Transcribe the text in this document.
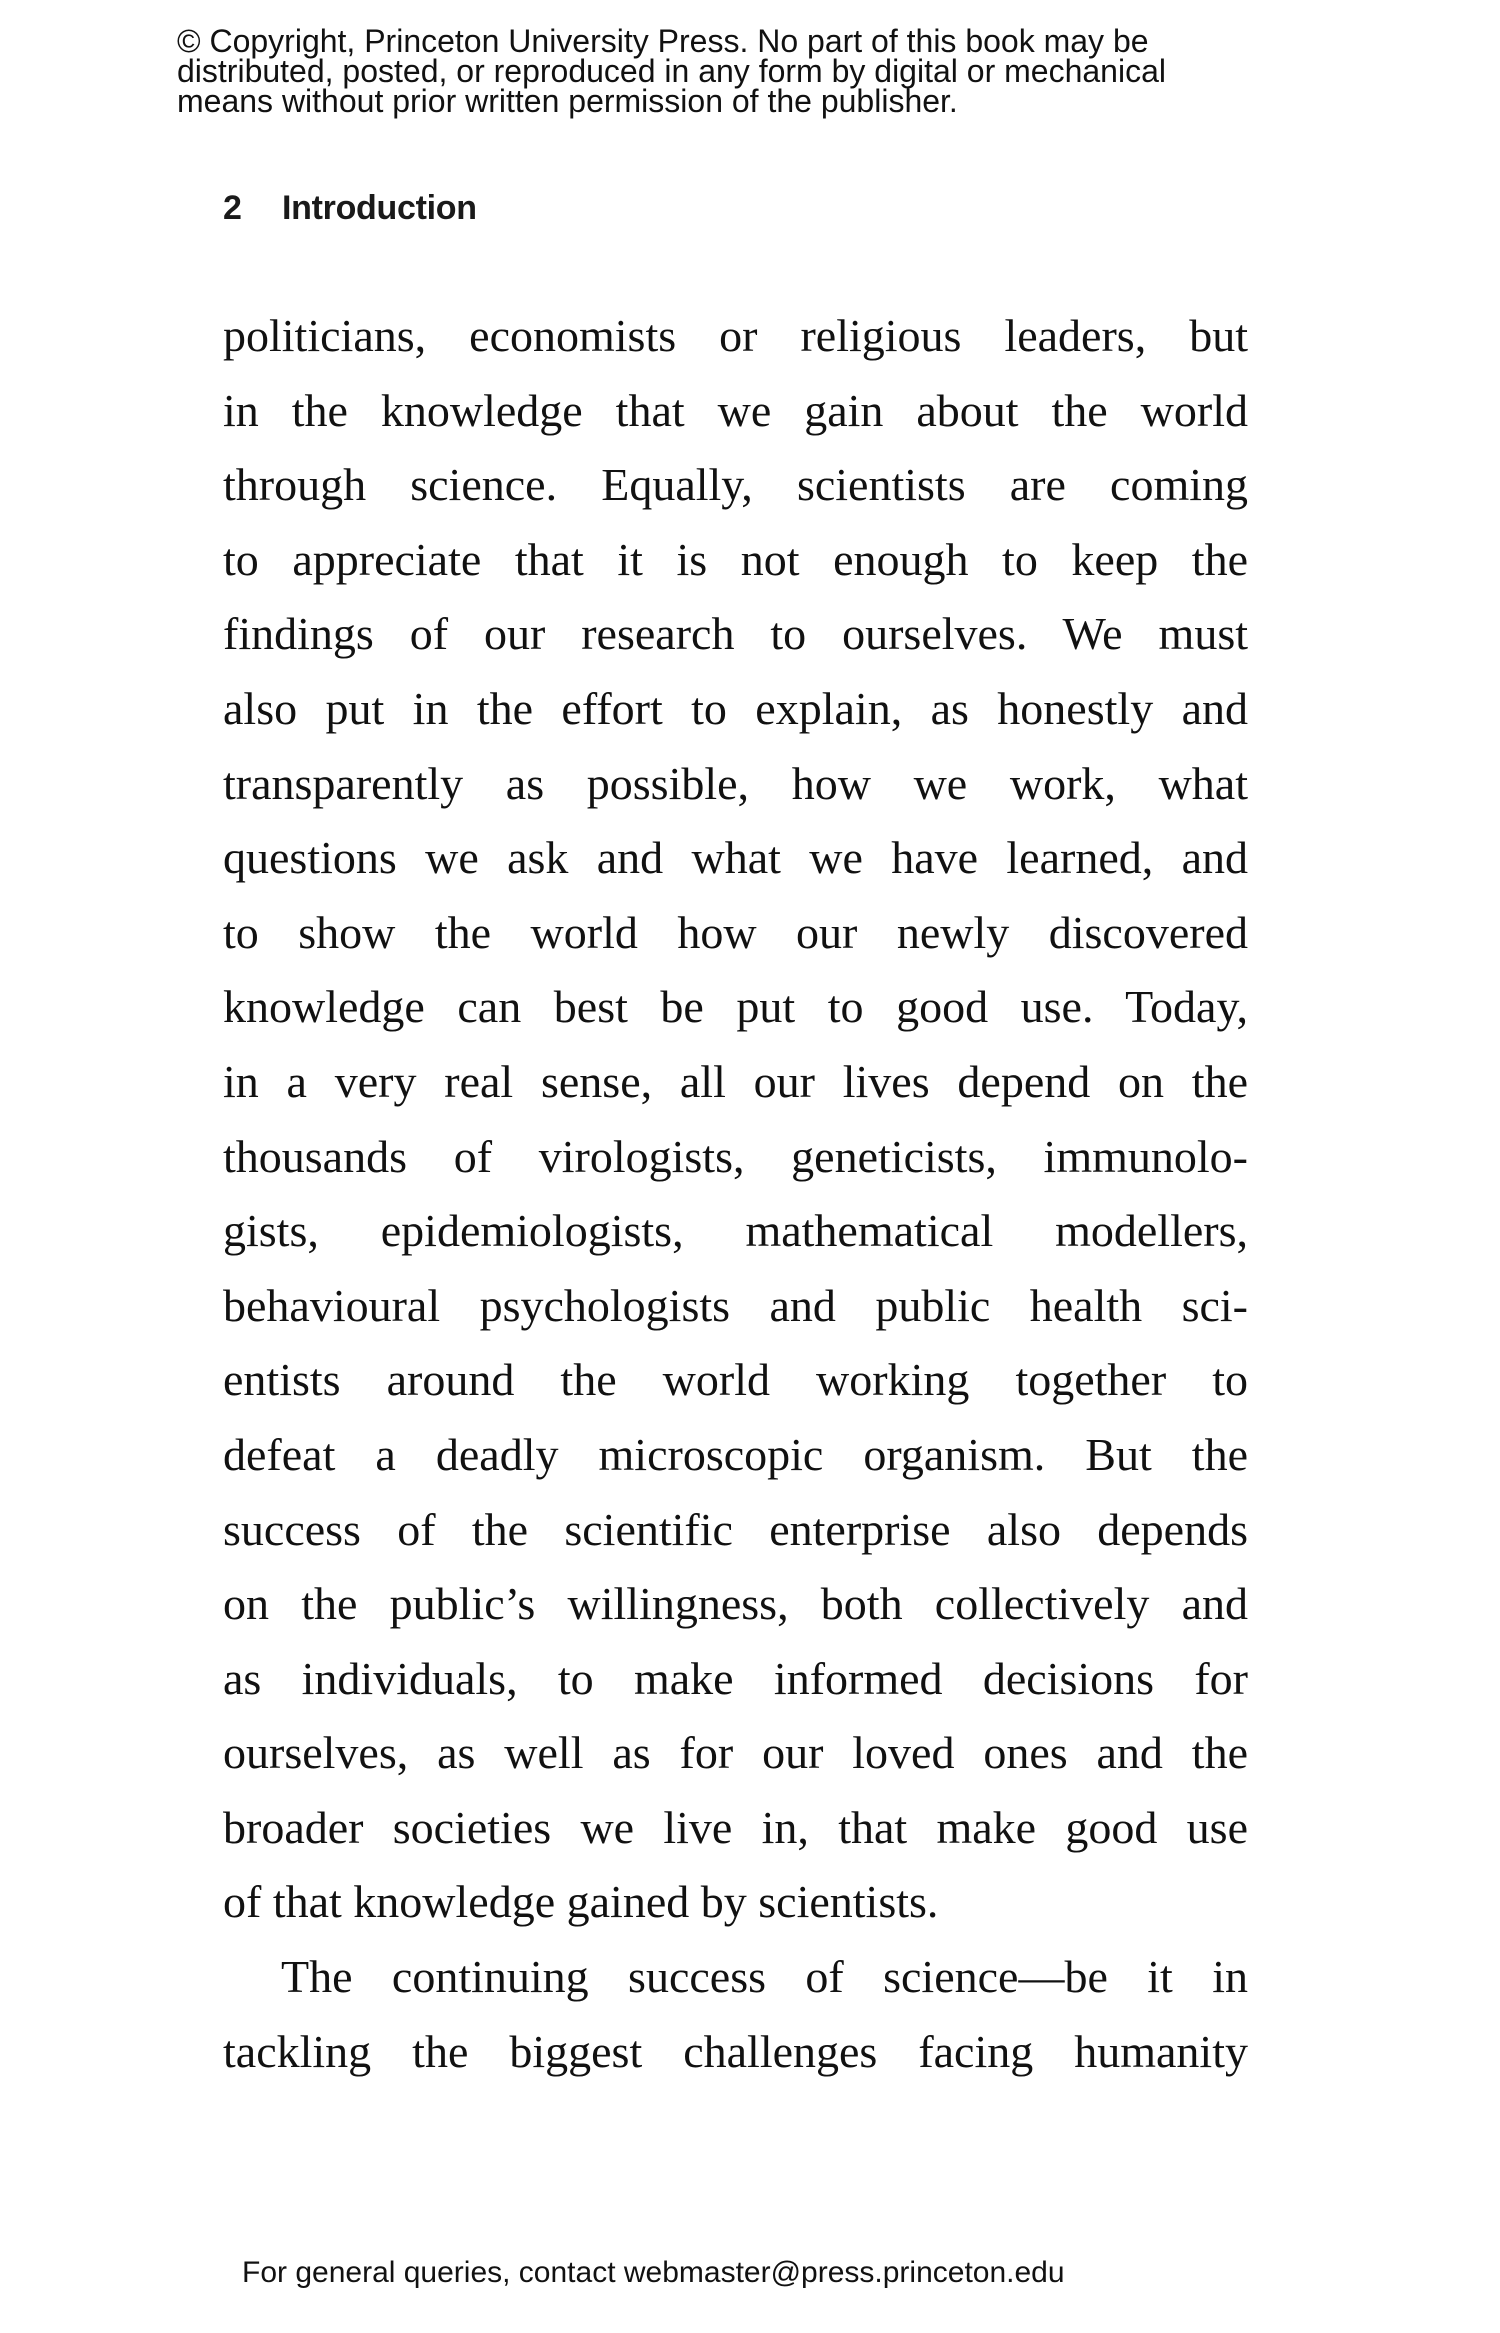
© Copyright, Princeton University Press. No part of this book may be
distributed, posted, or reproduced in any form by digital or mechanical
means without prior written permission of the publisher.
2 Introduction
politicians, economists or religious leaders, but
in the knowledge that we gain about the world
through science. Equally, scientists are coming
to appreciate that it is not enough to keep the
findings of our research to ourselves. We must
also put in the effort to explain, as honestly and
transparently as possible, how we work, what
questions we ask and what we have learned, and
to show the world how our newly discovered
knowledge can best be put to good use. Today,
in a very real sense, all our lives depend on the
thousands of virologists, geneticists, immunolo-
gists, epidemiologists, mathematical modellers,
behavioural psychologists and public health sci-
entists around the world working together to
defeat a deadly microscopic organism. But the
success of the scientific enterprise also depends
on the public’s willingness, both collectively and
as individuals, to make informed decisions for
ourselves, as well as for our loved ones and the
broader societies we live in, that make good use
of that knowledge gained by scientists.
The continuing success of science—be it in
tackling the biggest challenges facing humanity
For general queries, contact webmaster@press.princeton.edu
